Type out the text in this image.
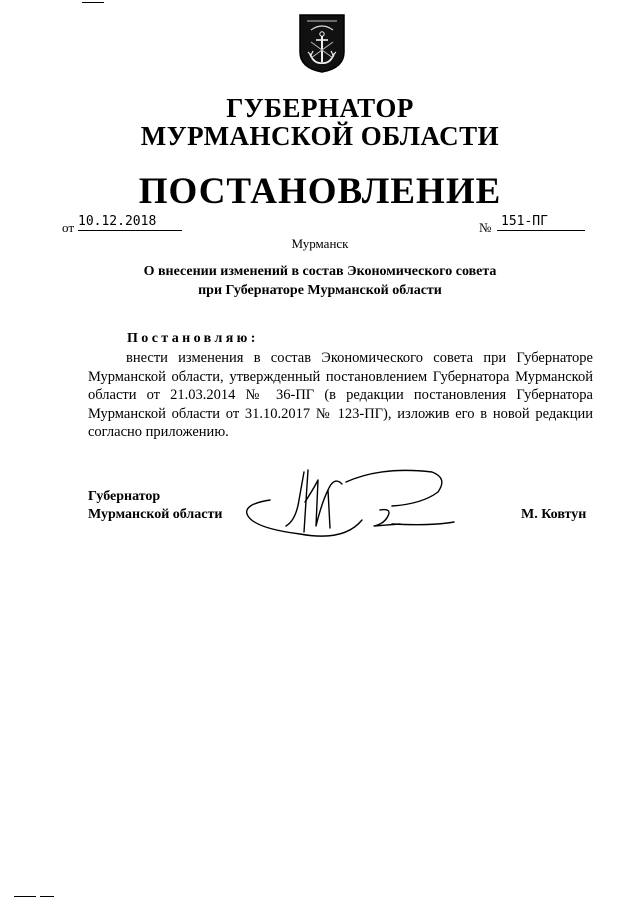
ГУБЕРНАТОР
МУРМАНСКОЙ ОБЛАСТИ
ПОСТАНОВЛЕНИЕ
от 10.12.2018	№ 151-ПГ
Мурманск
О внесении изменений в состав Экономического совета
при Губернаторе Мурманской области
Постановляю:
внести изменения в состав Экономического совета при Губернаторе Мурманской области, утвержденный постановлением Губернатора Мурманской области от 21.03.2014 № 36-ПГ (в редакции постановления Губернатора Мурманской области от 31.10.2017 № 123-ПГ), изложив его в новой редакции согласно приложению.
Губернатор
Мурманской области	М. Ковтун
